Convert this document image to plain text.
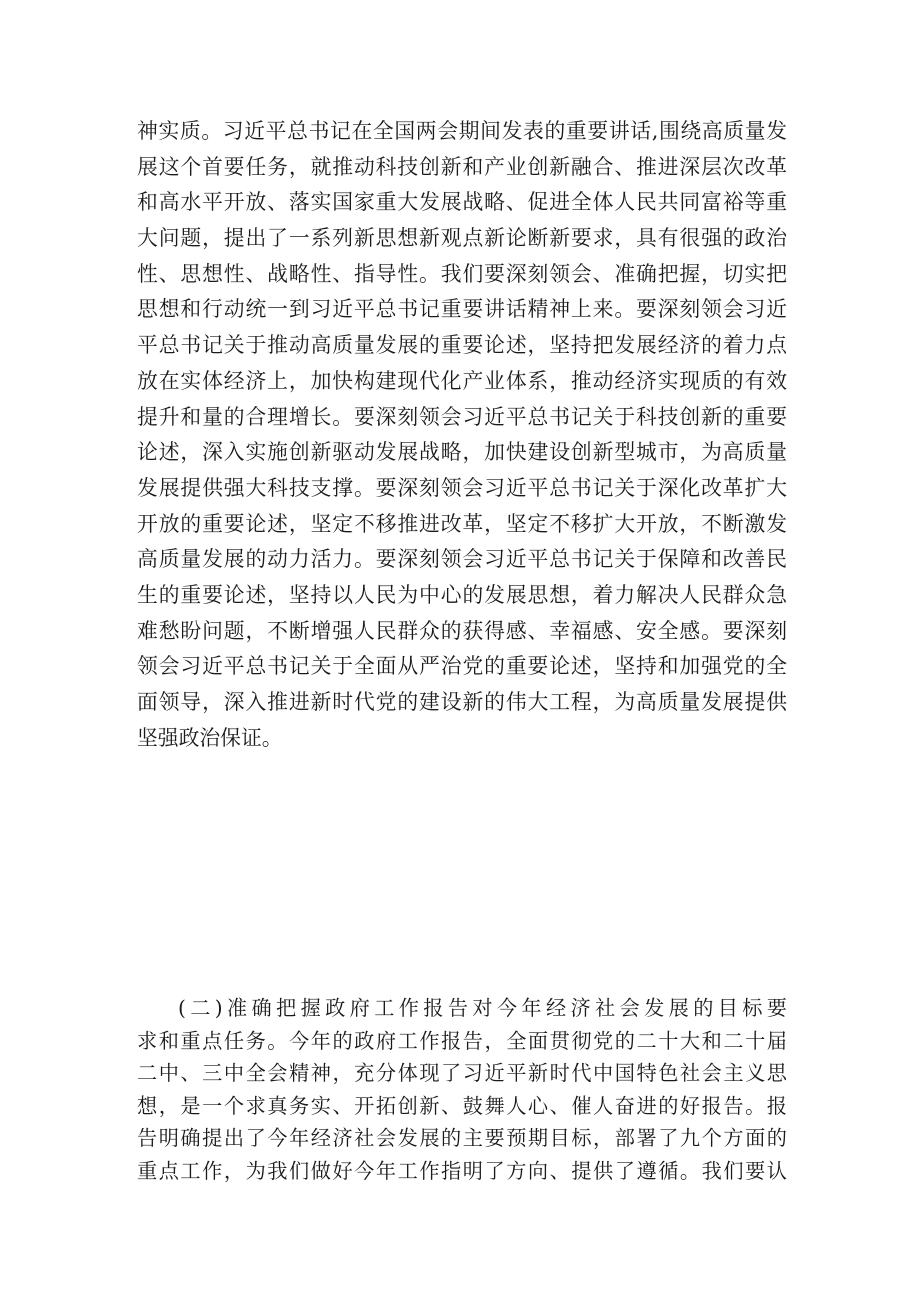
神实质。习近平总书记在全国两会期间发表的重要讲话,围绕高质量发
展这个首要任务，就推动科技创新和产业创新融合、推进深层次改革
和高水平开放、落实国家重大发展战略、促进全体人民共同富裕等重
大问题，提出了一系列新思想新观点新论断新要求，具有很强的政治
性、思想性、战略性、指导性。我们要深刻领会、准确把握，切实把
思想和行动统一到习近平总书记重要讲话精神上来。要深刻领会习近
平总书记关于推动高质量发展的重要论述，坚持把发展经济的着力点
放在实体经济上，加快构建现代化产业体系，推动经济实现质的有效
提升和量的合理增长。要深刻领会习近平总书记关于科技创新的重要
论述，深入实施创新驱动发展战略，加快建设创新型城市，为高质量
发展提供强大科技支撑。要深刻领会习近平总书记关于深化改革扩大
开放的重要论述，坚定不移推进改革，坚定不移扩大开放，不断激发
高质量发展的动力活力。要深刻领会习近平总书记关于保障和改善民
生的重要论述，坚持以人民为中心的发展思想，着力解决人民群众急
难愁盼问题，不断增强人民群众的获得感、幸福感、安全感。要深刻
领会习近平总书记关于全面从严治党的重要论述，坚持和加强党的全
面领导，深入推进新时代党的建设新的伟大工程，为高质量发展提供
坚强政治保证。
(二)准确把握政府工作报告对今年经济社会发展的目标要
求和重点任务。今年的政府工作报告，全面贯彻党的二十大和二十届
二中、三中全会精神，充分体现了习近平新时代中国特色社会主义思
想，是一个求真务实、开拓创新、鼓舞人心、催人奋进的好报告。报
告明确提出了今年经济社会发展的主要预期目标，部署了九个方面的
重点工作，为我们做好今年工作指明了方向、提供了遵循。我们要认
